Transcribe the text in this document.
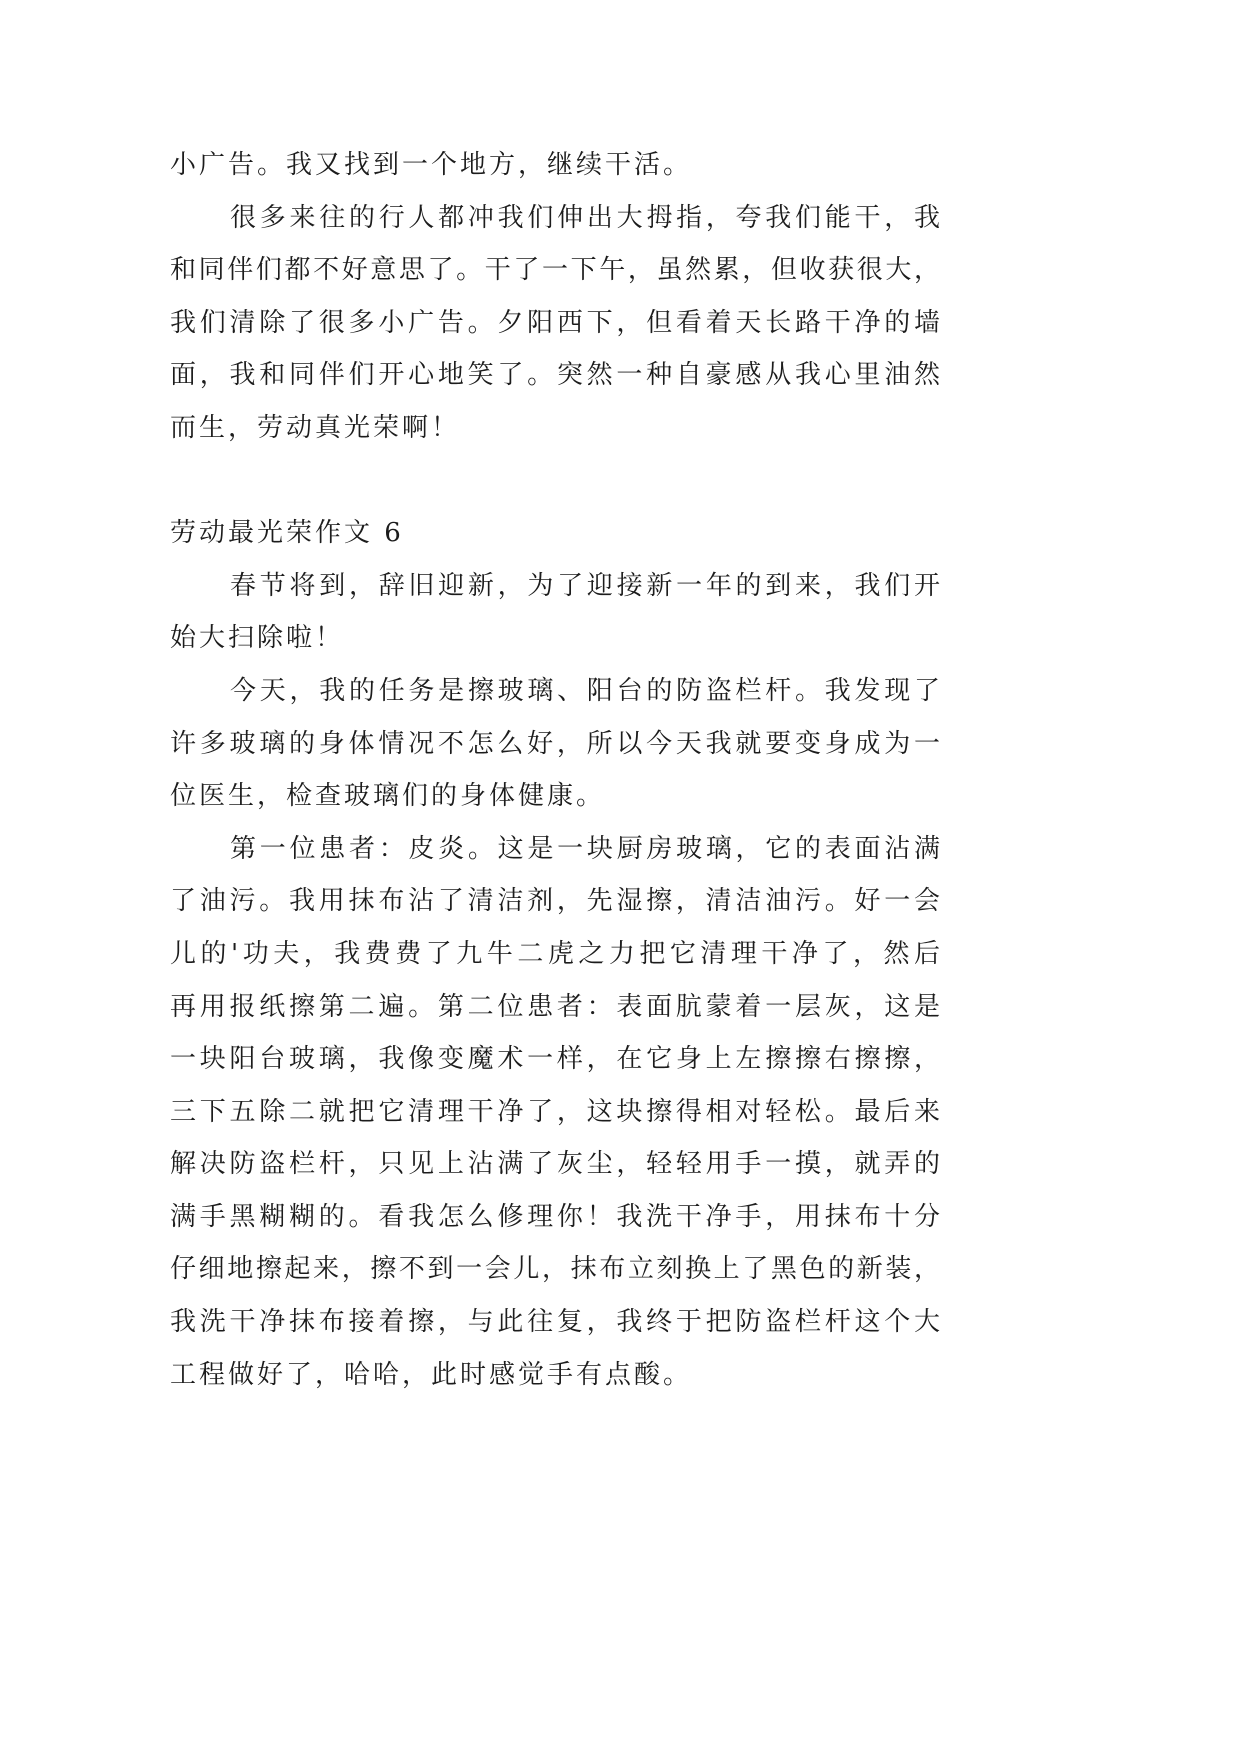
小广告。我又找到一个地方，继续干活。
很多来往的行人都冲我们伸出大拇指，夸我们能干，我
和同伴们都不好意思了。干了一下午，虽然累，但收获很大，
我们清除了很多小广告。夕阳西下，但看着天长路干净的墙
面，我和同伴们开心地笑了。突然一种自豪感从我心里油然
而生，劳动真光荣啊！
劳动最光荣作文 6
春节将到，辞旧迎新，为了迎接新一年的到来，我们开
始大扫除啦！
今天，我的任务是擦玻璃、阳台的防盗栏杆。我发现了
许多玻璃的身体情况不怎么好，所以今天我就要变身成为一
位医生，检查玻璃们的身体健康。
第一位患者：皮炎。这是一块厨房玻璃，它的表面沾满
了油污。我用抹布沾了清洁剂，先湿擦，清洁油污。好一会
儿的'功夫，我费费了九牛二虎之力把它清理干净了，然后
再用报纸擦第二遍。第二位患者：表面肮蒙着一层灰，这是
一块阳台玻璃，我像变魔术一样，在它身上左擦擦右擦擦，
三下五除二就把它清理干净了，这块擦得相对轻松。最后来
解决防盗栏杆，只见上沾满了灰尘，轻轻用手一摸，就弄的
满手黑糊糊的。看我怎么修理你！我洗干净手，用抹布十分
仔细地擦起来，擦不到一会儿，抹布立刻换上了黑色的新装，
我洗干净抹布接着擦，与此往复，我终于把防盗栏杆这个大
工程做好了，哈哈，此时感觉手有点酸。
